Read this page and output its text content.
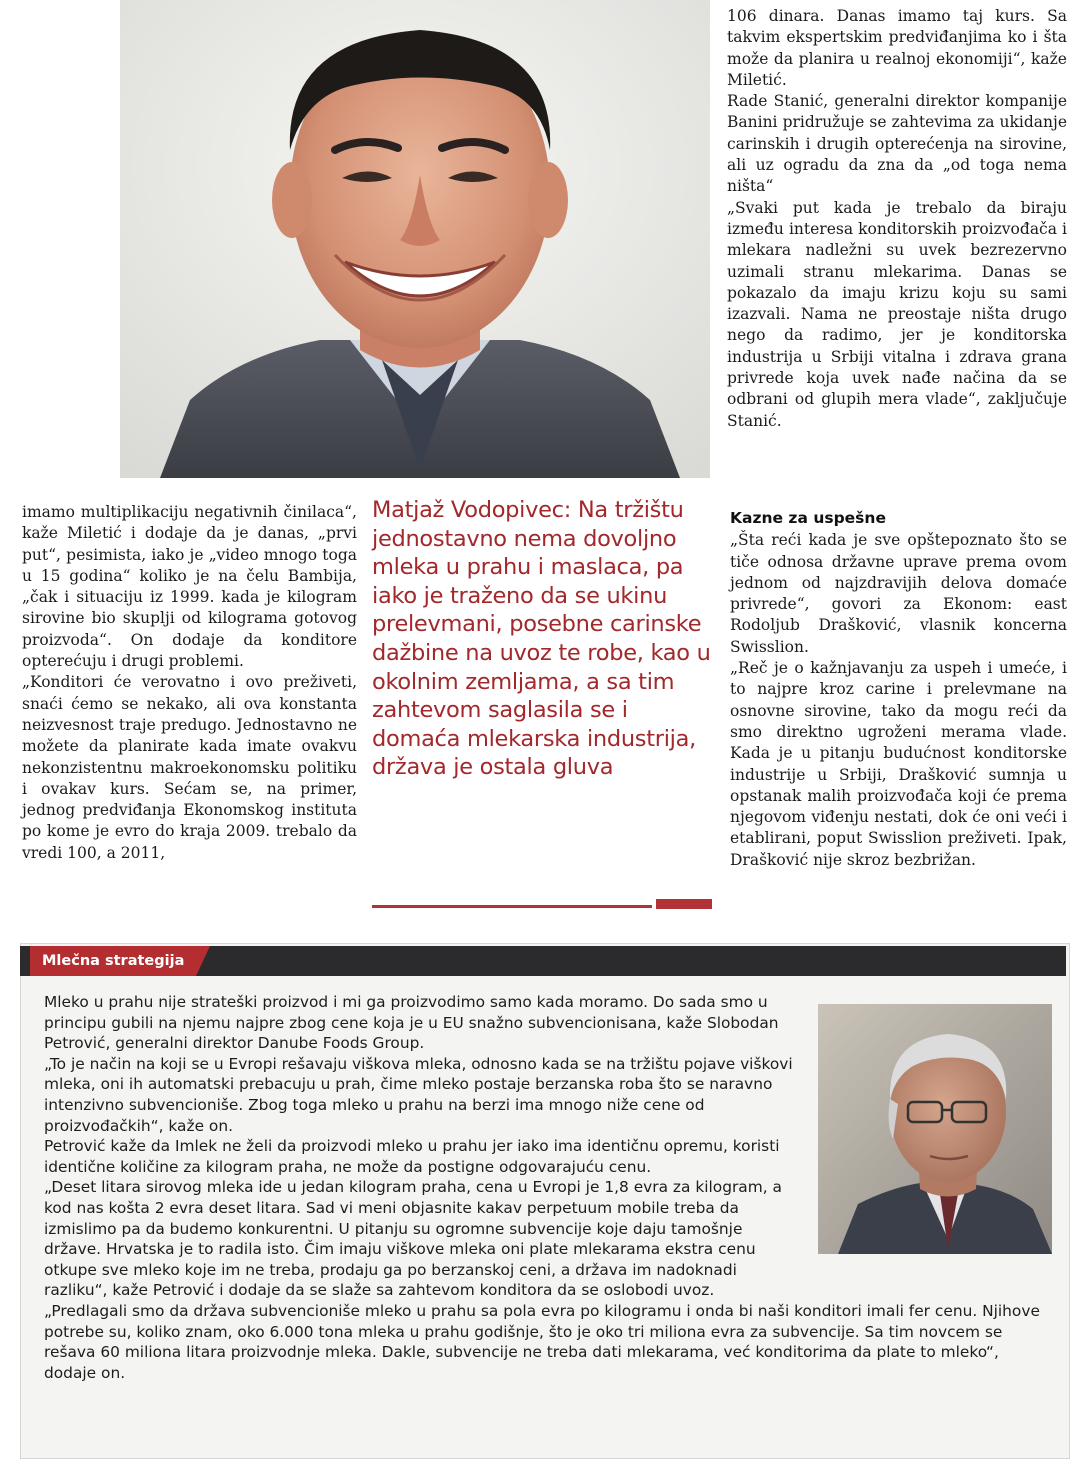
106 dinara. Danas imamo taj kurs. Sa takvim ekspertskim predviđanjima ko i šta može da planira u realnoj ekonomiji“, kaže Miletić.

Rade Stanić, generalni direktor kompanije Banini pridružuje se zahtevima za ukidanje carinskih i drugih opterećenja na sirovine, ali uz ogradu da zna da „od toga nema ništa“

„Svaki put kada je trebalo da biraju između interesa konditorskih proizvođača i mlekara nadležni su uvek bezrezervno uzimali stranu mlekarima. Danas se pokazalo da imaju krizu koju su sami izazvali. Nama ne preostaje ništa drugo nego da radimo, jer je konditorska industrija u Srbiji vitalna i zdrava grana privrede koja uvek nađe načina da se odbrani od glupih mera vlade“, zaključuje Stanić.

imamo multiplikaciju negativnih činilaca“, kaže Miletić i dodaje da je danas, „prvi put“, pesimista, iako je „video mnogo toga u 15 godina“ koliko je na čelu Bambija, „čak i situaciju iz 1999. kada je kilogram sirovine bio skuplji od kilograma gotovog proizvoda“. On dodaje da konditore opterećuju i drugi problemi.

„Konditori će verovatno i ovo preživeti, snaći ćemo se nekako, ali ova konstanta neizvesnost traje predugo. Jednostavno ne možete da planirate kada imate ovakvu nekonzistentnu makroekonomsku politiku i ovakav kurs. Sećam se, na primer, jednog predviđanja Ekonomskog instituta po kome je evro do kraja 2009. trebalo da vredi 100, a 2011,

Matjaž Vodopivec: Na tržištu jednostavno nema dovoljno mleka u prahu i maslaca, pa iako je traženo da se ukinu prelevmani, posebne carinske dažbine na uvoz te robe, kao u okolnim zemljama, a sa tim zahtevom saglasila se i domaća mlekarska industrija, država je ostala gluva

Kazne za uspešne

„Šta reći kada je sve opštepoznato što se tiče odnosa državne uprave prema ovom jednom od najzdravijih delova domaće privrede“, govori za Ekonom: east Rodoljub Drašković, vlasnik koncerna Swisslion.

„Reč je o kažnjavanju za uspeh i umeće, i to najpre kroz carine i prelevmane na osnovne sirovine, tako da mogu reći da smo direktno ugroženi merama vlade. Kada je u pitanju budućnost konditorske industrije u Srbiji, Drašković sumnja u opstanak malih proizvođača koji će prema njegovom viđenju nestati, dok će oni veći i etablirani, poput Swisslion preživeti. Ipak, Drašković nije skroz bezbrižan.

Mlečna strategija

Mleko u prahu nije strateški proizvod i mi ga proizvodimo samo kada moramo. Do sada smo u principu gubili na njemu najpre zbog cene koja je u EU snažno subvencionisana, kaže Slobodan Petrović, generalni direktor Danube Foods Group.

„To je način na koji se u Evropi rešavaju viškova mleka, odnosno kada se na tržištu pojave viškovi mleka, oni ih automatski prebacuju u prah, čime mleko postaje berzanska roba što se naravno intenzivno subvencioniše. Zbog toga mleko u prahu na berzi ima mnogo niže cene od proizvođačkih“, kaže on.

Petrović kaže da Imlek ne želi da proizvodi mleko u prahu jer iako ima identičnu opremu, koristi identične količine za kilogram praha, ne može da postigne odgovarajuću cenu.

„Deset litara sirovog mleka ide u jedan kilogram praha, cena u Evropi je 1,8 evra za kilogram, a kod nas košta 2 evra deset litara. Sad vi meni objasnite kakav perpetuum mobile treba da izmislimo pa da budemo konkurentni. U pitanju su ogromne subvencije koje daju tamošnje države. Hrvatska je to radila isto. Čim imaju viškove mleka oni plate mlekarama ekstra cenu otkupe sve mleko koje im ne treba, prodaju ga po berzanskoj ceni, a država im nadoknadi razliku“, kaže Petrović i dodaje da se slaže sa zahtevom konditora da se oslobodi uvoz.

„Predlagali smo da država subvencioniše mleko u prahu sa pola evra po kilogramu i onda bi naši konditori imali fer cenu. Njihove potrebe su, koliko znam, oko 6.000 tona mleka u prahu godišnje, što je oko tri miliona evra za subvencije. Sa tim novcem se rešava 60 miliona litara proizvodnje mleka. Dakle, subvencije ne treba dati mlekarama, već konditorima da plate to mleko“, dodaje on.
